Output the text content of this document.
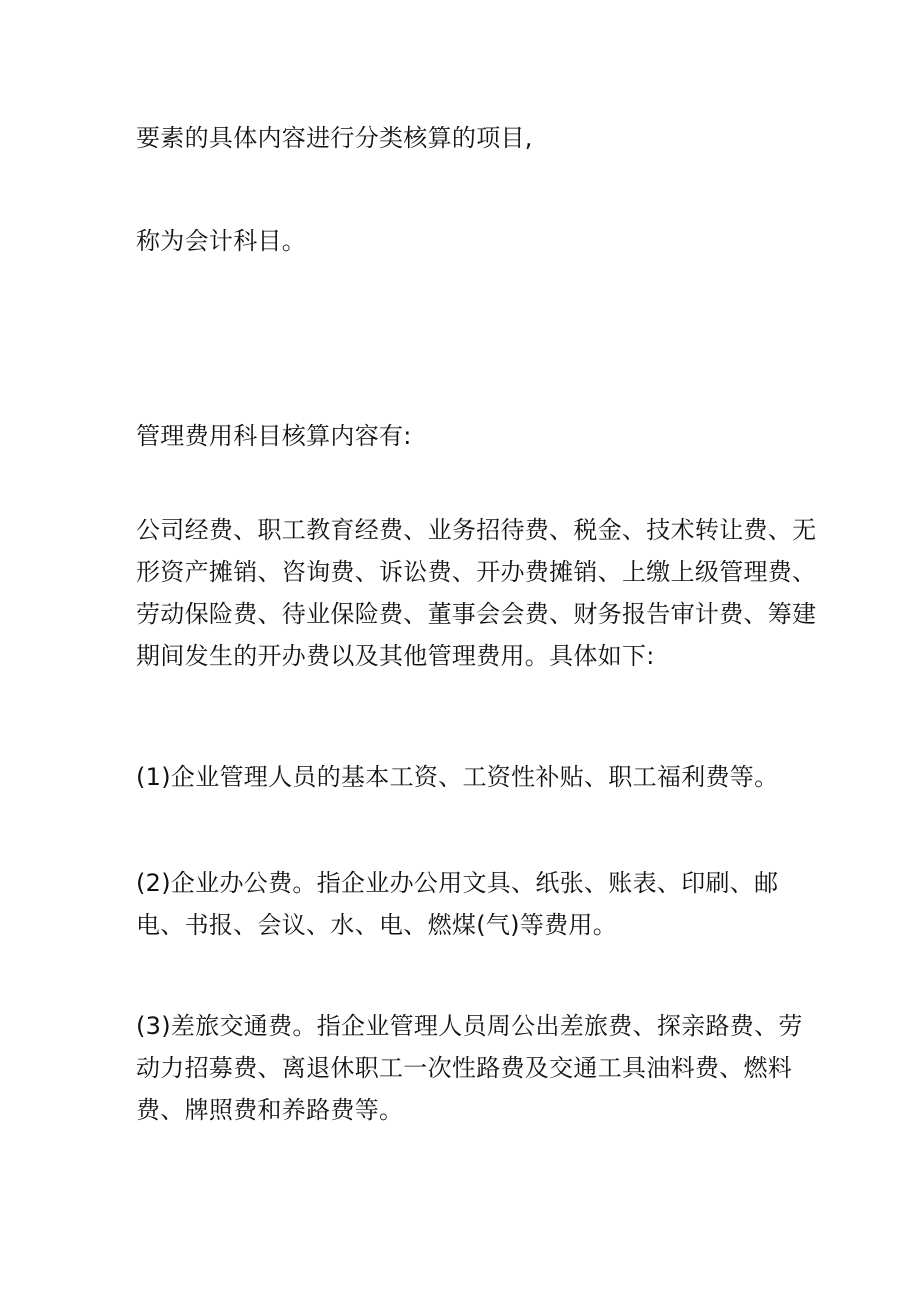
要素的具体内容进行分类核算的项目,

称为会计科目。

管理费用科目核算内容有:

公司经费、职工教育经费、业务招待费、税金、技术转让费、无
形资产摊销、咨询费、诉讼费、开办费摊销、上缴上级管理费、
劳动保险费、待业保险费、董事会会费、财务报告审计费、筹建
期间发生的开办费以及其他管理费用。具体如下:

(1)企业管理人员的基本工资、工资性补贴、职工福利费等。

(2)企业办公费。指企业办公用文具、纸张、账表、印刷、邮
电、书报、会议、水、电、燃煤(气)等费用。

(3)差旅交通费。指企业管理人员周公出差旅费、探亲路费、劳
动力招募费、离退休职工一次性路费及交通工具油料费、燃料
费、牌照费和养路费等。
